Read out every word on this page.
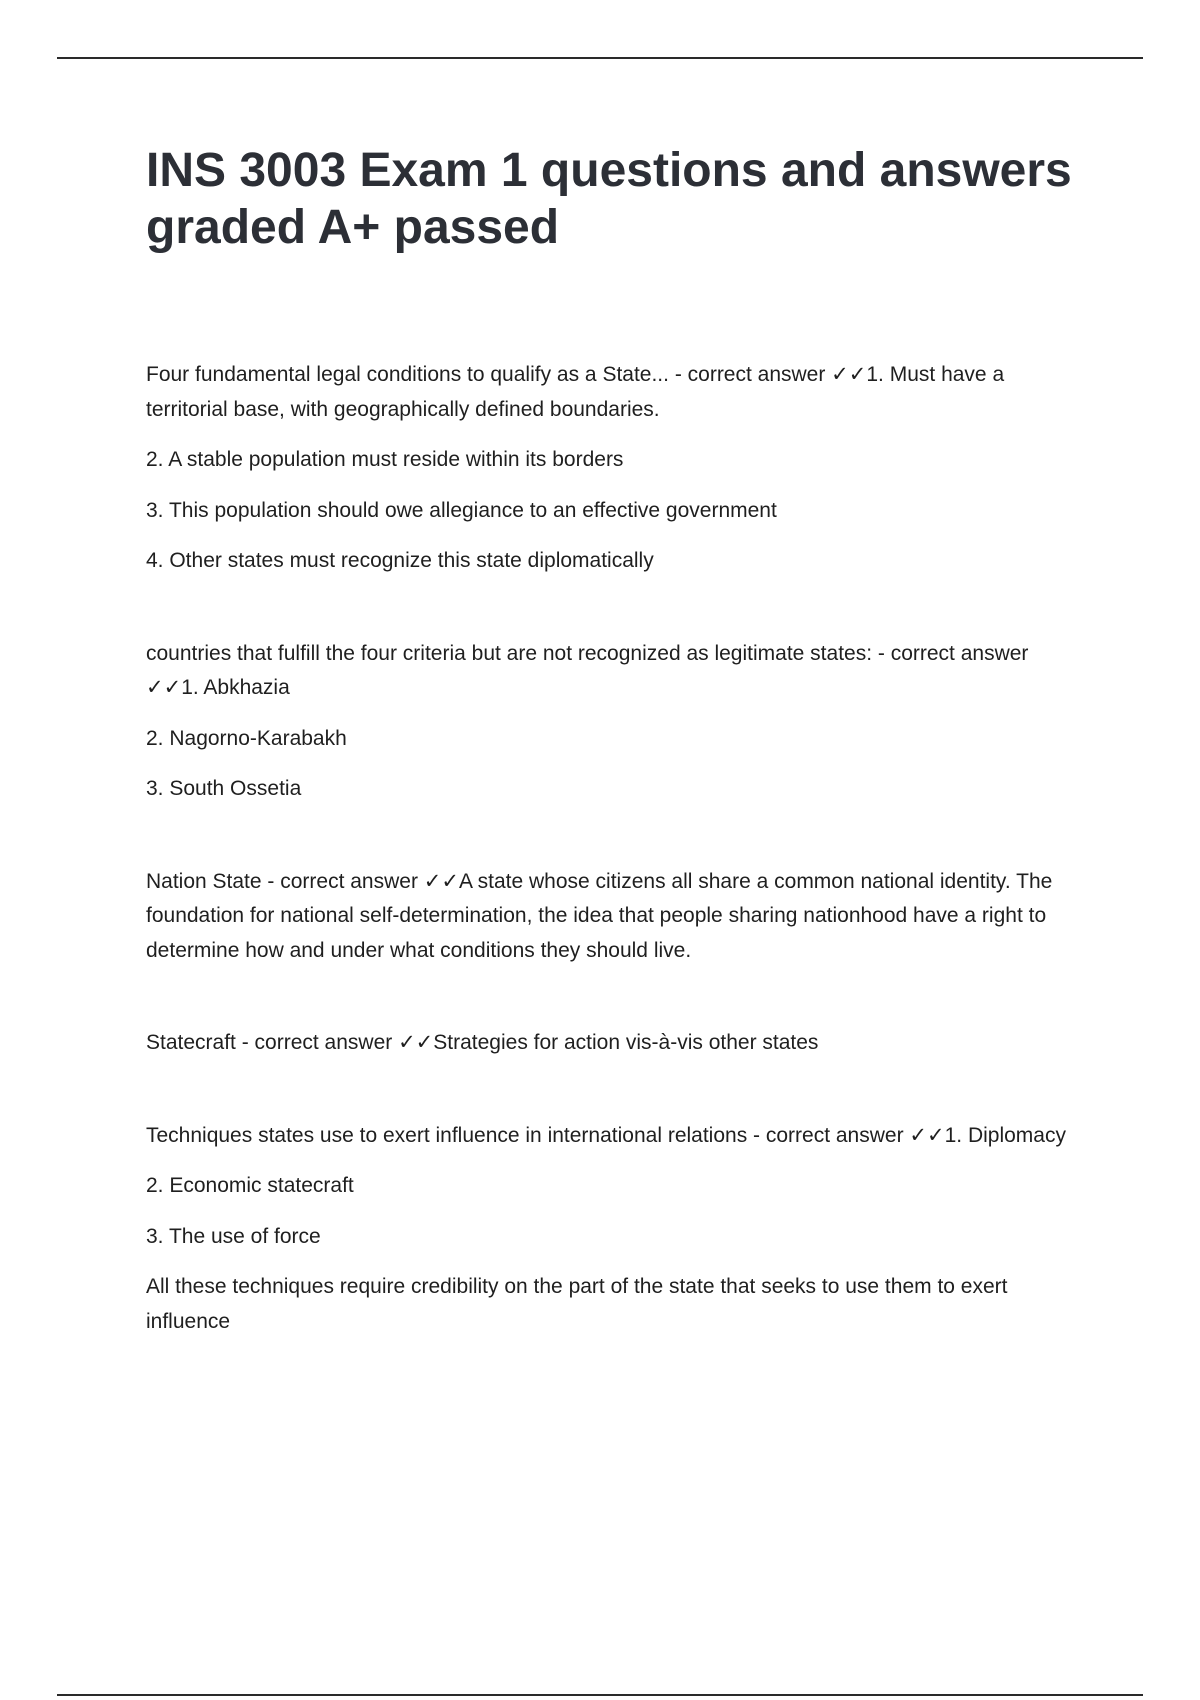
INS 3003 Exam 1 questions and answers graded A+ passed

Four fundamental legal conditions to qualify as a State... - correct answer ✓✓1. Must have a territorial base, with geographically defined boundaries.

2. A stable population must reside within its borders

3. This population should owe allegiance to an effective government

4. Other states must recognize this state diplomatically

countries that fulfill the four criteria but are not recognized as legitimate states: - correct answer ✓✓1. Abkhazia

2. Nagorno-Karabakh

3. South Ossetia

Nation State - correct answer ✓✓A state whose citizens all share a common national identity. The foundation for national self-determination, the idea that people sharing nationhood have a right to determine how and under what conditions they should live.

Statecraft - correct answer ✓✓Strategies for action vis-à-vis other states

Techniques states use to exert influence in international relations - correct answer ✓✓1. Diplomacy

2. Economic statecraft

3. The use of force

All these techniques require credibility on the part of the state that seeks to use them to exert influence
